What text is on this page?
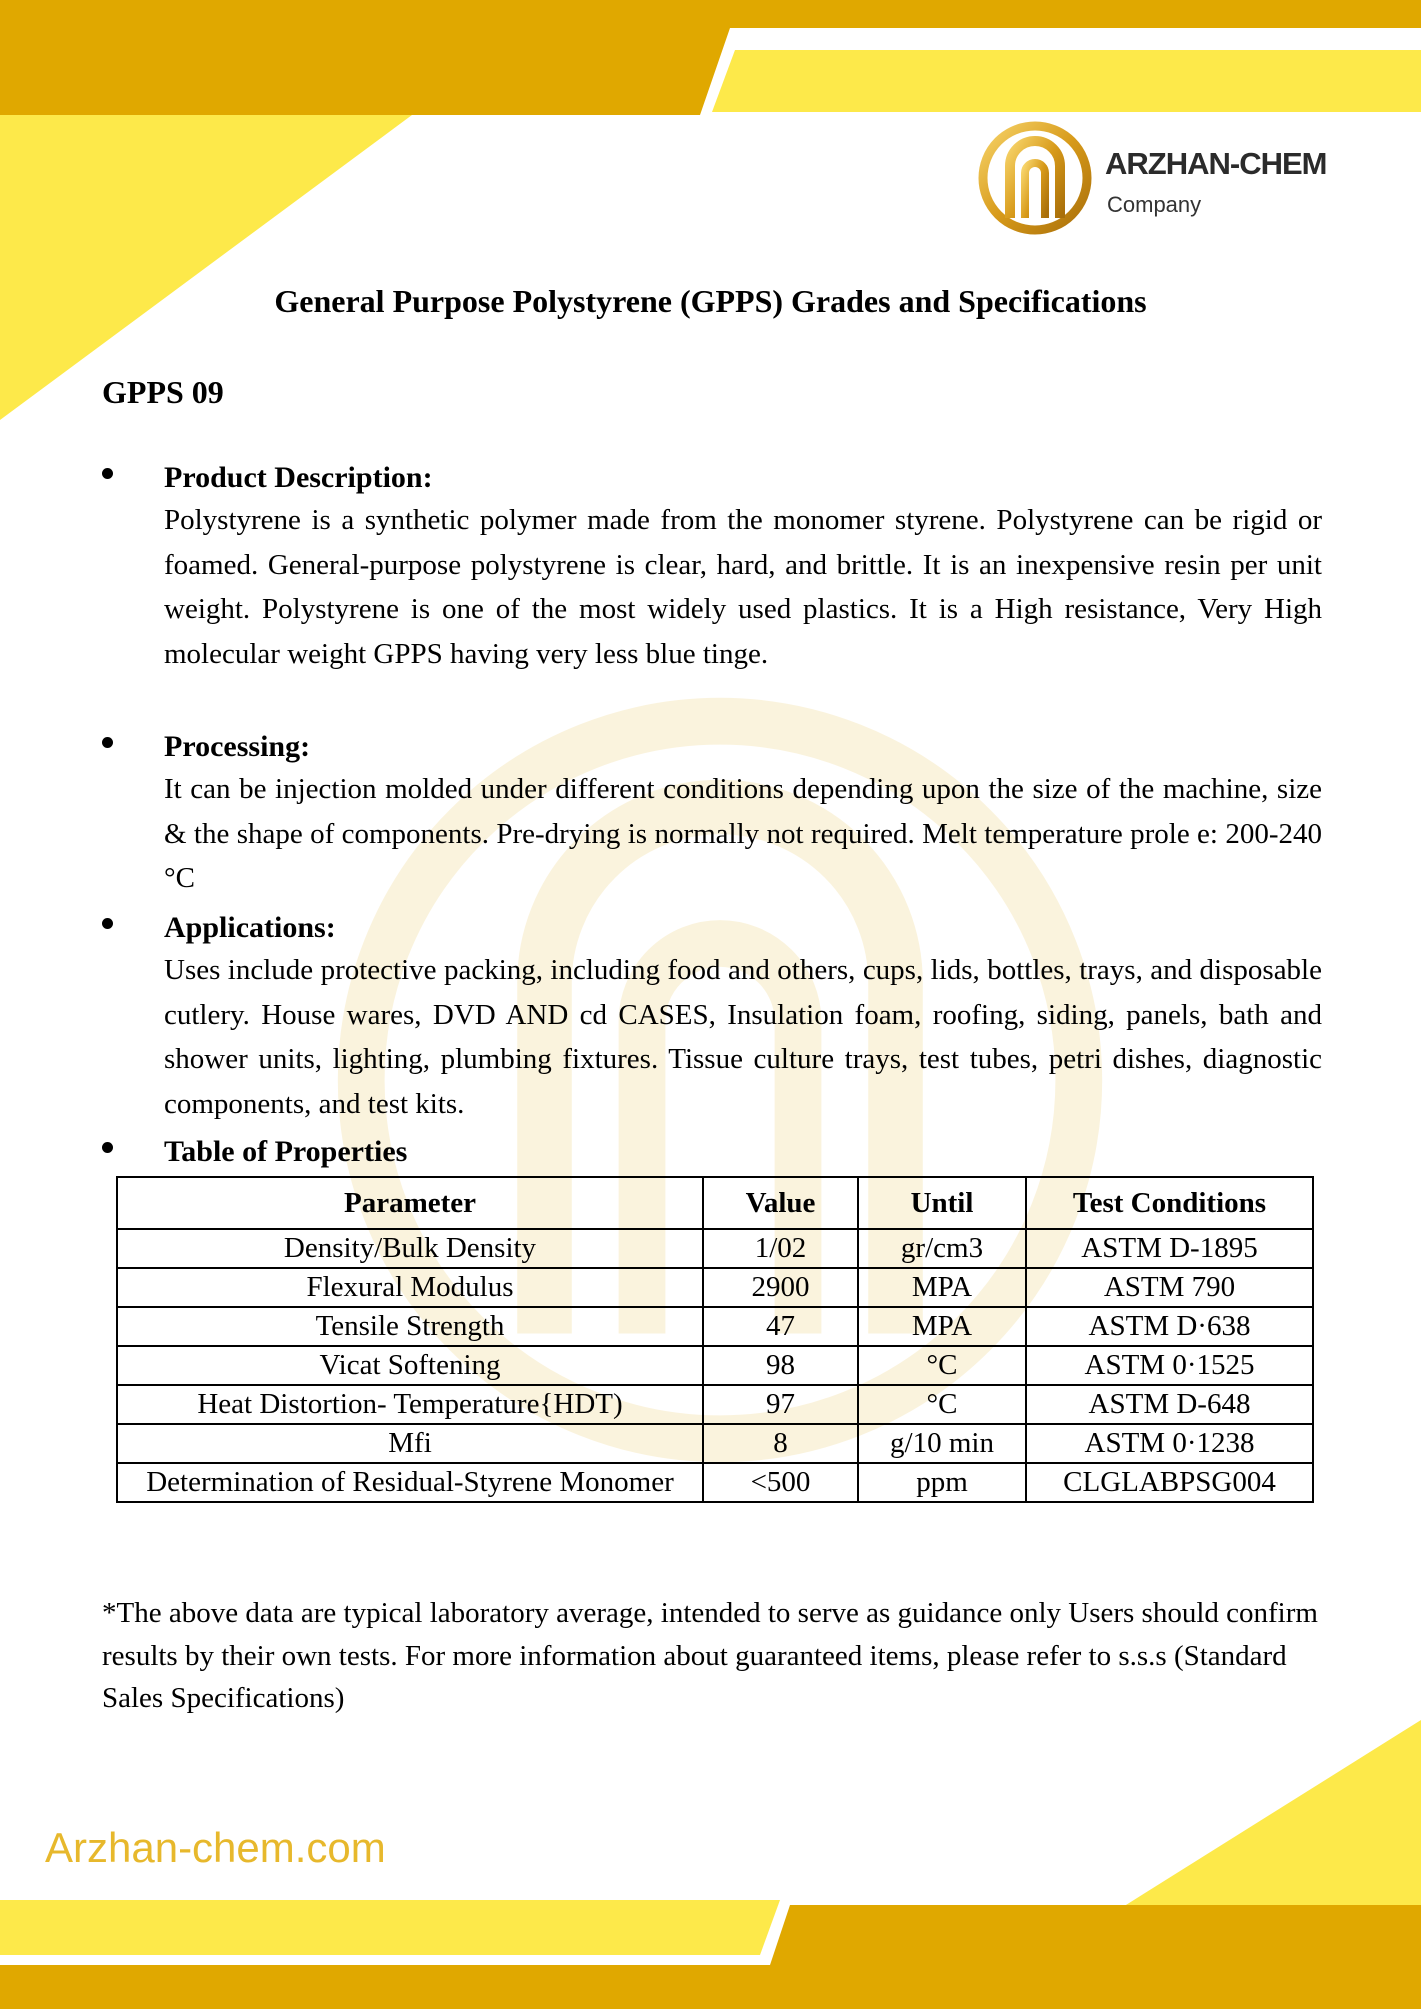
ARZHAN-CHEM
Company
General Purpose Polystyrene (GPPS) Grades and Specifications
GPPS 09
Product Description:
Polystyrene is a synthetic polymer made from the monomer styrene. Polystyrene can be rigid or foamed. General-purpose polystyrene is clear, hard, and brittle. It is an inexpensive resin per unit weight. Polystyrene is one of the most widely used plastics. It is a High resistance, Very High molecular weight GPPS having very less blue tinge.
Processing:
It can be injection molded under different conditions depending upon the size of the machine, size & the shape of components. Pre-drying is normally not required. Melt temperature prole e: 200-240 °C
Applications:
Uses include protective packing, including food and others, cups, lids, bottles, trays, and disposable cutlery. House wares, DVD AND cd CASES, Insulation foam, roofing, siding, panels, bath and shower units, lighting, plumbing fixtures. Tissue culture trays, test tubes, petri dishes, diagnostic components, and test kits.
Table of Properties
Parameter	Value	Until	Test Conditions
Density/Bulk Density	1/02	gr/cm3	ASTM D-1895
Flexural Modulus	2900	MPA	ASTM 790
Tensile Strength	47	MPA	ASTM D·638
Vicat Softening	98	°C	ASTM 0·1525
Heat Distortion- Temperature{HDT)	97	°C	ASTM D-648
Mfi	8	g/10 min	ASTM 0·1238
Determination of Residual-Styrene Monomer	<500	ppm	CLGLABPSG004
*The above data are typical laboratory average, intended to serve as guidance only Users should confirm results by their own tests. For more information about guaranteed items, please refer to s.s.s (Standard Sales Specifications)
Arzhan-chem.com
